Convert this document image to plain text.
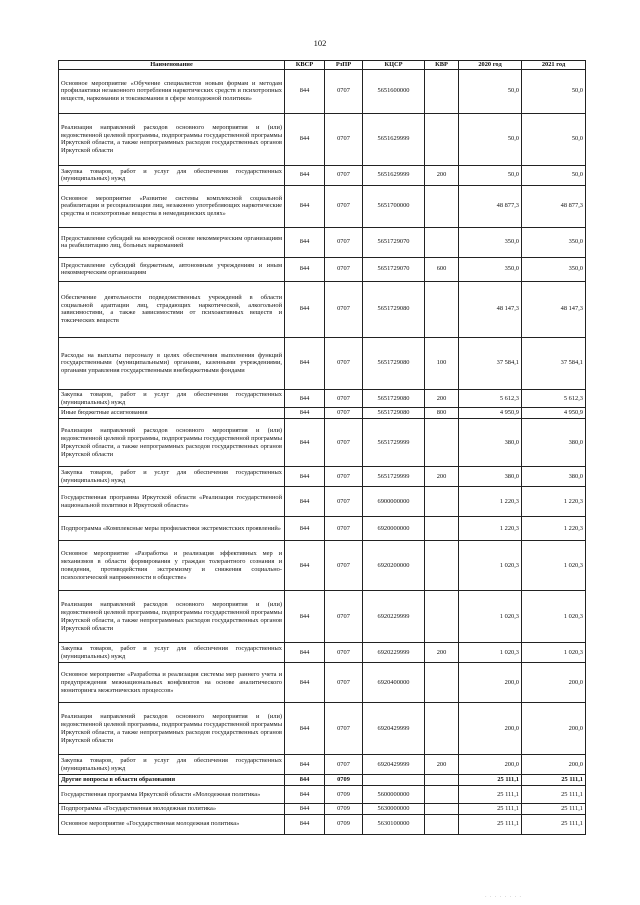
102
Наименование	КВСР	РзПР	КЦСР	КВР	2020 год	2021 год
Основное мероприятие «Обучение специалистов новым формам и методам профилактики незаконного потребления наркотических средств и психотропных веществ, наркомании и токсикомании в сфере молодежной политики»	844	0707	5651600000		50,0	50,0
Реализация направлений расходов основного мероприятия и (или) ведомственной целевой программы, подпрограммы государственной программы Иркутской области, а также непрограммных расходов государственных органов Иркутской области	844	0707	5651629999		50,0	50,0
Закупка товаров, работ и услуг для обеспечения государственных (муниципальных) нужд	844	0707	5651629999	200	50,0	50,0
Основное мероприятие «Развитие системы комплексной социальной реабилитации и ресоциализации лиц, незаконно употребляющих наркотические средства и психотропные вещества в немедицинских целях»	844	0707	5651700000		48 877,3	48 877,3
Предоставление субсидий на конкурсной основе некоммерческим организациям на реабилитацию лиц, больных наркоманией	844	0707	5651729070		350,0	350,0
Предоставление субсидий бюджетным, автономным учреждениям и иным некоммерческим организациям	844	0707	5651729070	600	350,0	350,0
Обеспечение деятельности подведомственных учреждений в области социальной адаптации лиц, страдающих наркотической, алкогольной зависимостями, а также зависимостями от психоактивных веществ и токсических веществ	844	0707	5651729080		48 147,3	48 147,3
Расходы на выплаты персоналу в целях обеспечения выполнения функций государственными (муниципальными) органами, казенными учреждениями, органами управления государственными внебюджетными фондами	844	0707	5651729080	100	37 584,1	37 584,1
Закупка товаров, работ и услуг для обеспечения государственных (муниципальных) нужд	844	0707	5651729080	200	5 612,3	5 612,3
Иные бюджетные ассигнования	844	0707	5651729080	800	4 950,9	4 950,9
Реализация направлений расходов основного мероприятия и (или) ведомственной целевой программы, подпрограммы государственной программы Иркутской области, а также непрограммных расходов государственных органов Иркутской области	844	0707	5651729999		380,0	380,0
Закупка товаров, работ и услуг для обеспечения государственных (муниципальных) нужд	844	0707	5651729999	200	380,0	380,0
Государственная программа Иркутской области «Реализация государственной национальной политики в Иркутской области»	844	0707	6900000000		1 220,3	1 220,3
Подпрограмма «Комплексные меры профилактики экстремистских проявлений»	844	0707	6920000000		1 220,3	1 220,3
Основное мероприятие «Разработка и реализация эффективных мер и механизмов в области формирования у граждан толерантного сознания и поведения, противодействия экстремизму и снижения социально-психологической напряженности в обществе»	844	0707	6920200000		1 020,3	1 020,3
Реализация направлений расходов основного мероприятия и (или) ведомственной целевой программы, подпрограммы государственной программы Иркутской области, а также непрограммных расходов государственных органов Иркутской области	844	0707	6920229999		1 020,3	1 020,3
Закупка товаров, работ и услуг для обеспечения государственных (муниципальных) нужд	844	0707	6920229999	200	1 020,3	1 020,3
Основное мероприятие «Разработка и реализация системы мер раннего учета и предупреждения межнациональных конфликтов на основе аналитического мониторинга межэтнических процессов»	844	0707	6920400000		200,0	200,0
Реализация направлений расходов основного мероприятия и (или) ведомственной целевой программы, подпрограммы государственной программы Иркутской области, а также непрограммных расходов государственных органов Иркутской области	844	0707	6920429999		200,0	200,0
Закупка товаров, работ и услуг для обеспечения государственных (муниципальных) нужд	844	0707	6920429999	200	200,0	200,0
Другие вопросы в области образования	844	0709			25 111,1	25 111,1
Государственная программа Иркутской области «Молодежная политика»	844	0709	5600000000		25 111,1	25 111,1
Подпрограмма «Государственная молодежная политика»	844	0709	5630000000		25 111,1	25 111,1
Основное мероприятие «Государственная молодежная политика»	844	0709	5630100000		25 111,1	25 111,1
· · · · · · · ·
